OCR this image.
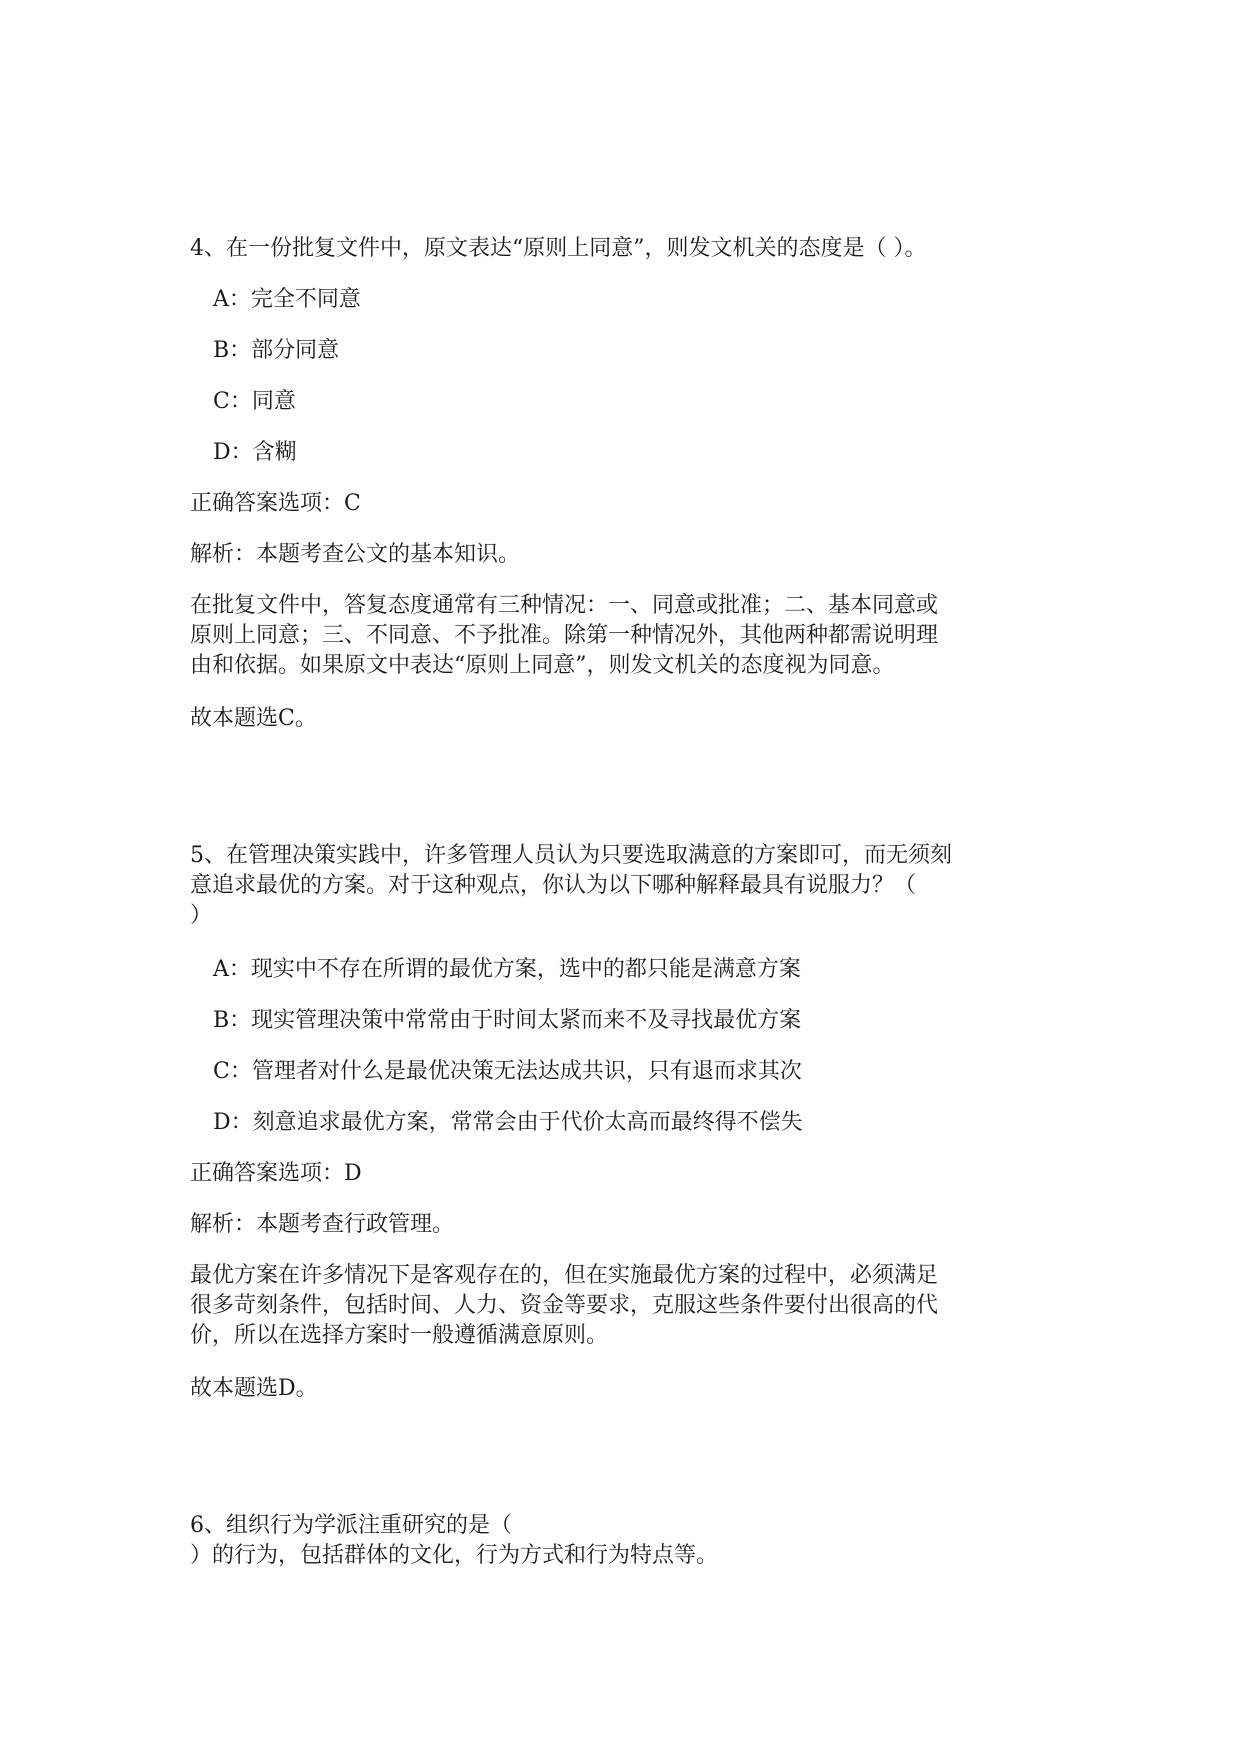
4、在一份批复文件中，原文表达“原则上同意”，则发文机关的态度是（ ）。
A：完全不同意
B：部分同意
C：同意
D：含糊
正确答案选项：C
解析：本题考查公文的基本知识。
在批复文件中，答复态度通常有三种情况：一、同意或批准；二、基本同意或
原则上同意；三、不同意、不予批准。除第一种情况外，其他两种都需说明理
由和依据。如果原文中表达“原则上同意”，则发文机关的态度视为同意。
故本题选C。
5、在管理决策实践中，许多管理人员认为只要选取满意的方案即可，而无须刻
意追求最优的方案。对于这种观点，你认为以下哪种解释最具有说服力？（
）
A：现实中不存在所谓的最优方案，选中的都只能是满意方案
B：现实管理决策中常常由于时间太紧而来不及寻找最优方案
C：管理者对什么是最优决策无法达成共识，只有退而求其次
D：刻意追求最优方案，常常会由于代价太高而最终得不偿失
正确答案选项：D
解析：本题考查行政管理。
最优方案在许多情况下是客观存在的，但在实施最优方案的过程中，必须满足
很多苛刻条件，包括时间、人力、资金等要求，克服这些条件要付出很高的代
价，所以在选择方案时一般遵循满意原则。
故本题选D。
6、组织行为学派注重研究的是（
）的行为，包括群体的文化，行为方式和行为特点等。
